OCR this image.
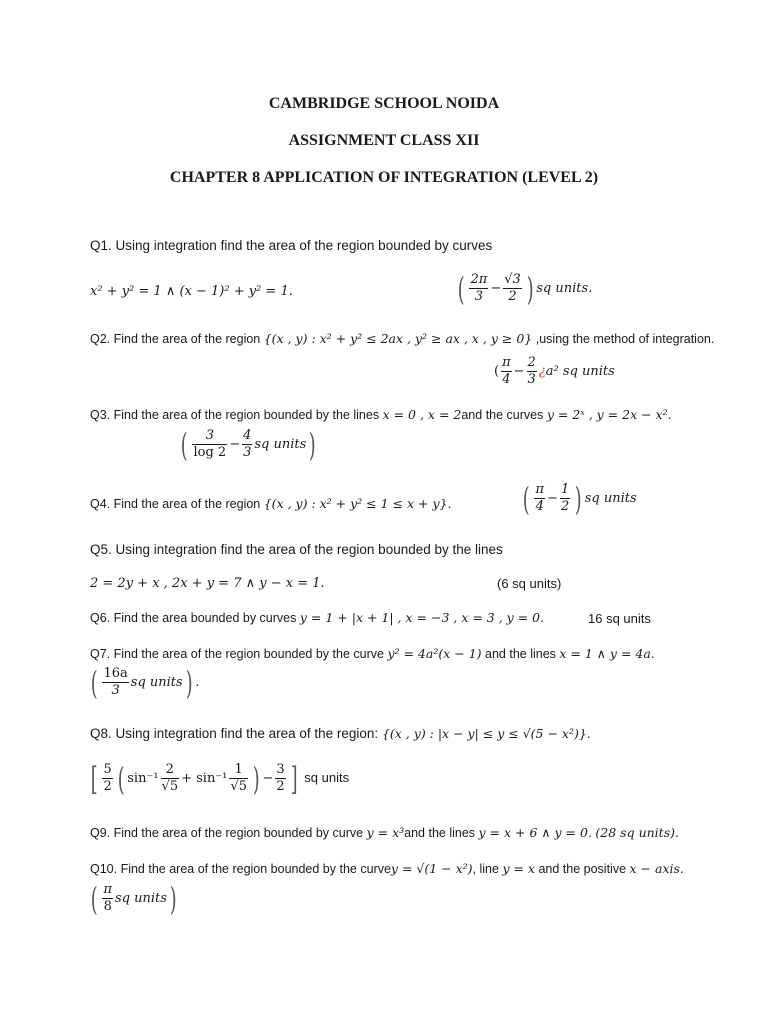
CAMBRIDGE SCHOOL NOIDA
ASSIGNMENT CLASS XII
CHAPTER 8 APPLICATION OF INTEGRATION (LEVEL 2)
Q1. Using integration find the area of the region bounded by curves
x² + y² = 1 ∧ (x − 1)² + y² = 1.	( $\frac{2\pi}{3} - \frac{√3}{2}$ ) sq units.
Q2. Find the area of the region {(x , y) : x² + y² ≤ 2ax , y² ≥ ax , x , y ≥ 0} ,using the method of integration.
( $\frac{\pi}{4} - \frac{2}{3}$ ¿a² sq units
Q3. Find the area of the region bounded by the lines x = 0 , x = 2and the curves y = 2ˣ , y = 2x − x².
( $\frac{3}{\log 2} - \frac{4}{3}$ sq units)
Q4. Find the area of the region {(x , y) : x² + y² ≤ 1 ≤ x + y}. ( $\frac{\pi}{4} - \frac{1}{2}$ ) sq units
Q5. Using integration find the area of the region bounded by the lines
2 = 2y + x , 2x + y = 7 ∧ y − x = 1.	(6 sq units)
Q6. Find the area bounded by curves y = 1 + |x + 1| , x = −3 , x = 3 , y = 0.	16 sq units
Q7. Find the area of the region bounded by the curve y² = 4a²(x − 1) and the lines x = 1 ∧ y = 4a.
( $\frac{16a}{3}$ sq units) .
Q8. Using integration find the area of the region: {(x , y) : |x − y| ≤ y ≤ √(5 − x²)}.
[ $\frac{5}{2}$ ( $\sin^{-1} \frac{2}{√5} + \sin^{-1} \frac{1}{√5}$ ) − $\frac{3}{2}$ ] sq units
Q9. Find the area of the region bounded by curve y = x³and the lines y = x + 6 ∧ y = 0. (28 sq units).
Q10. Find the area of the region bounded by the curvey = √(1 − x²), line y = x and the positive x − axis.
( $\frac{\pi}{8}$ sq units)
